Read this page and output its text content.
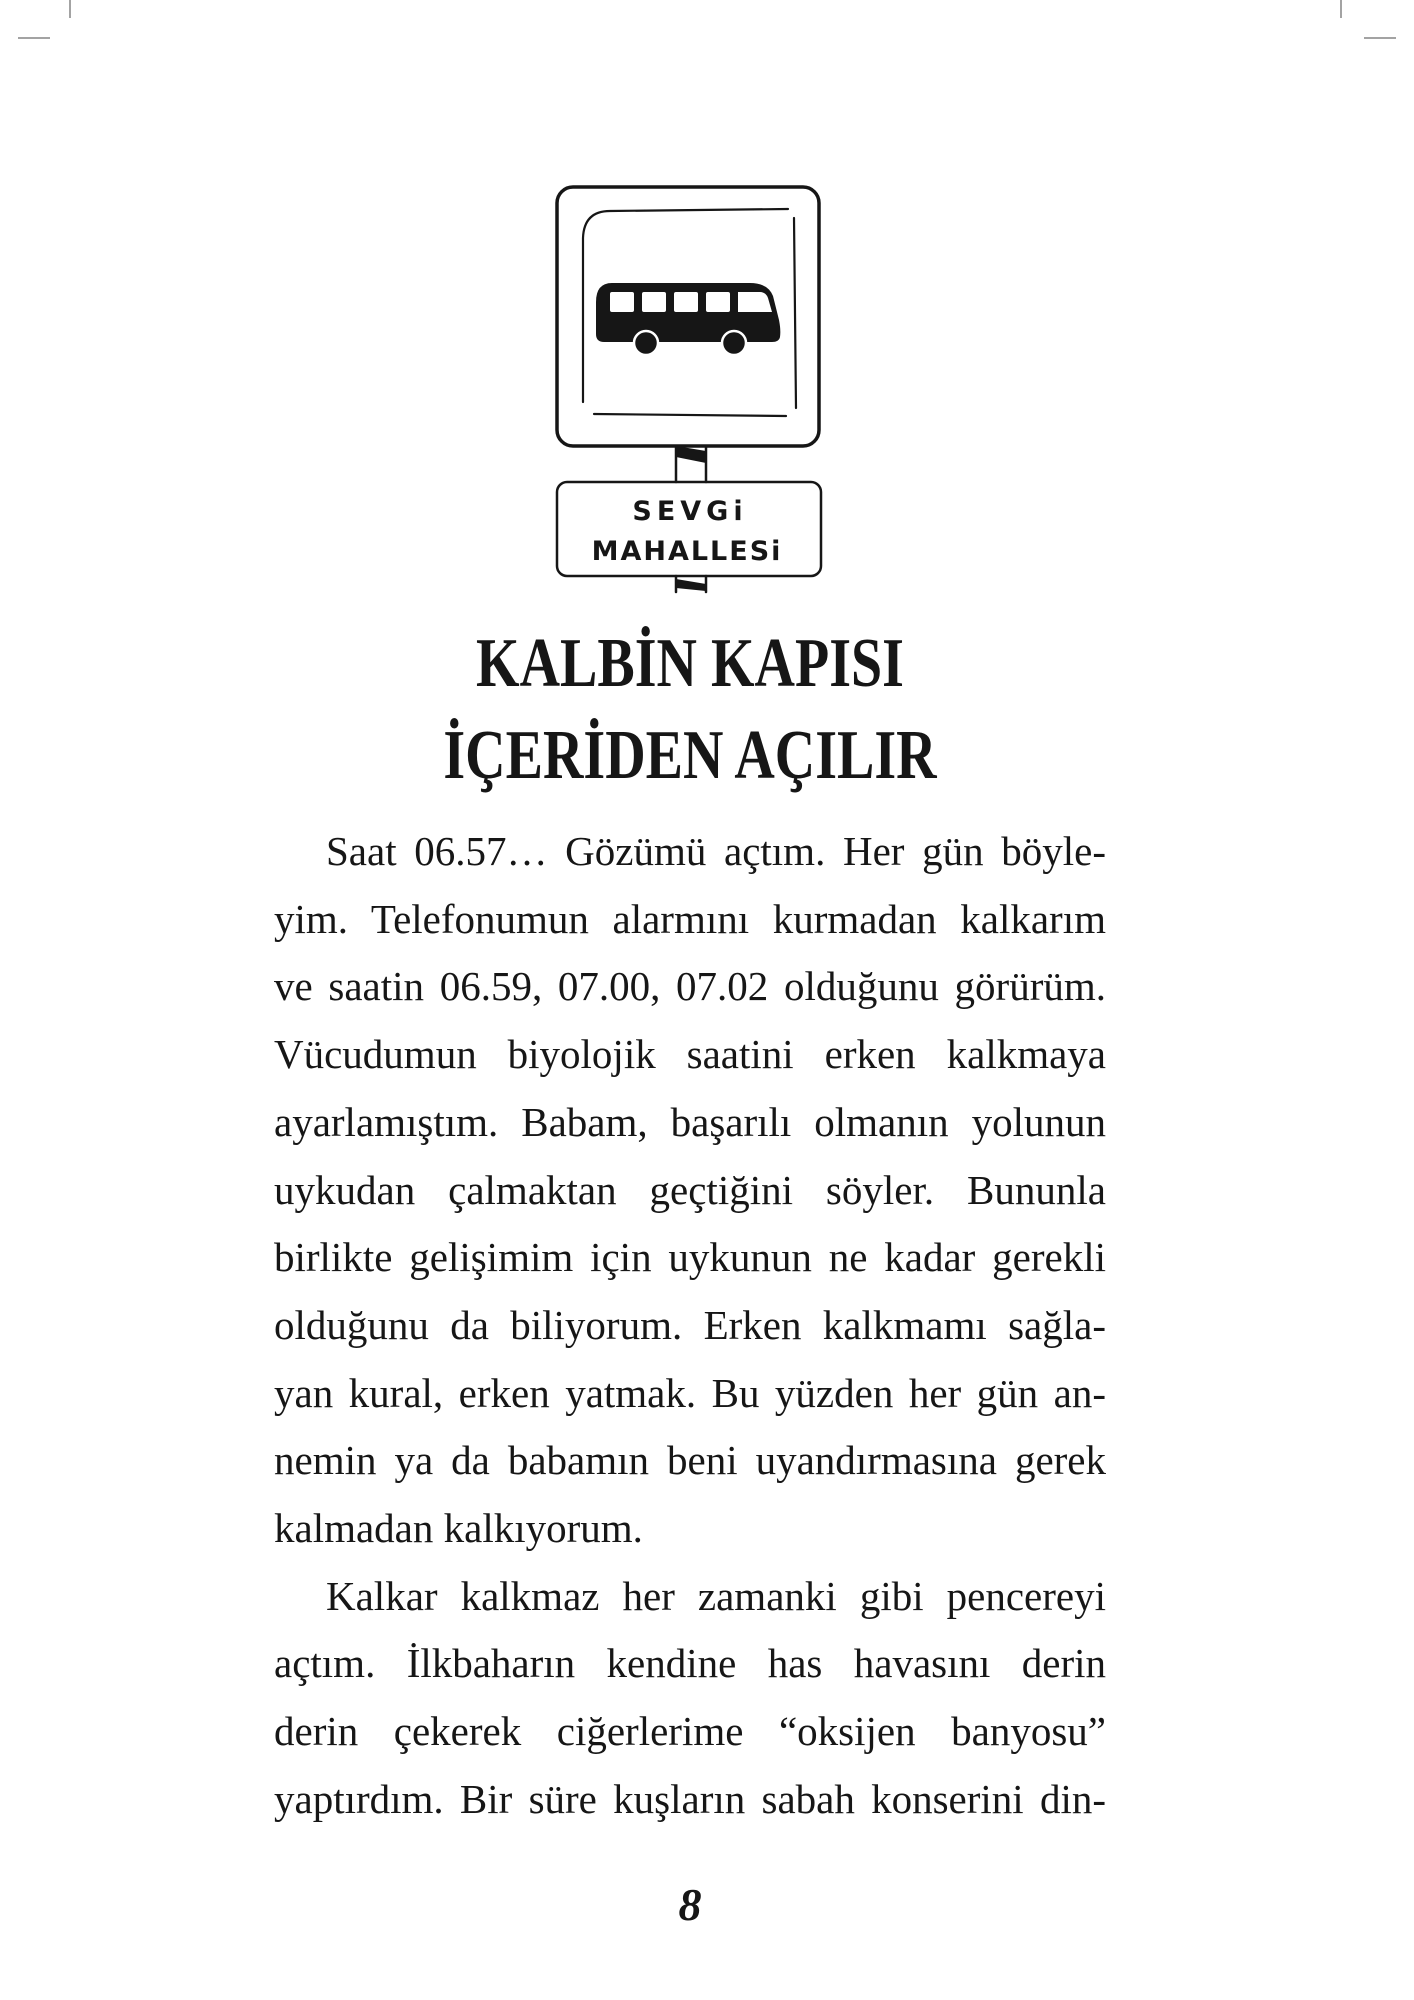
SEVGi
MAHALLESi
KALBİN KAPISI
İÇERİDEN AÇILIR
Saat 06.57… Gözümü açtım. Her gün böyle-
yim. Telefonumun alarmını kurmadan kalkarım
ve saatin 06.59, 07.00, 07.02 olduğunu görürüm.
Vücudumun biyolojik saatini erken kalkmaya
ayarlamıştım. Babam, başarılı olmanın yolunun
uykudan çalmaktan geçtiğini söyler. Bununla
birlikte gelişimim için uykunun ne kadar gerekli
olduğunu da biliyorum. Erken kalkmamı sağla-
yan kural, erken yatmak. Bu yüzden her gün an-
nemin ya da babamın beni uyandırmasına gerek
kalmadan kalkıyorum.
Kalkar kalkmaz her zamanki gibi pencereyi
açtım. İlkbaharın kendine has havasını derin
derin çekerek ciğerlerime “oksijen banyosu”
yaptırdım. Bir süre kuşların sabah konserini din-
8
